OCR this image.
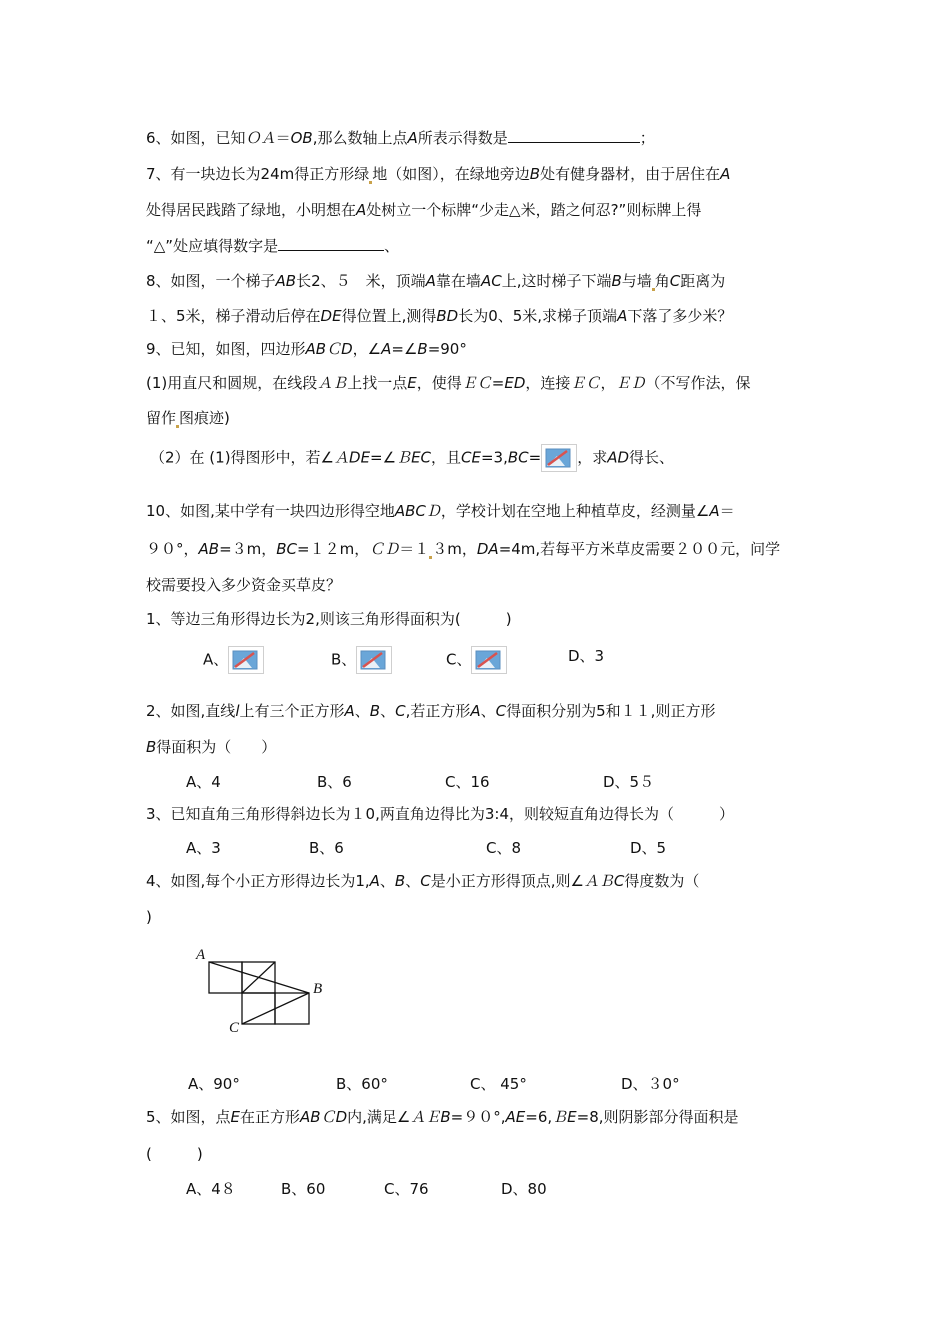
6、如图，已知ＯＡ＝OB,那么数轴上点A所表示得数是	；
7、有一块边长为24m得正方形绿 地（如图），在绿地旁边B处有健身器材，由于居住在A
处得居民践踏了绿地，小明想在A处树立一个标牌“少走△米，踏之何忍?”则标牌上得
“△”处应填得数字是	、
8、如图，一个梯子AB长2、５　米，顶端A靠在墙AC上,这时梯子下端B与墙 角C距离为
１、5米，梯子滑动后停在DE得位置上,测得BD长为0、5米,求梯子顶端A下落了多少米？
9、已知，如图，四边形ABＣD，∠A=∠B=90°
(1)用直尺和圆规，在线段ＡＢ上找一点E，使得ＥＣ=ED，连接ＥＣ，ＥＤ（不写作法，保
留作 图痕迹)
（2）在 (1)得图形中，若∠ＡDE=∠ＢEC，且CE=3,BC= ，求AD得长、
10、如图,某中学有一块四边形得空地ABCＤ，学校计划在空地上种植草皮，经测量∠A＝
９０°，AB=３m，BC=１２m，ＣＤ＝１ ３m，DA=4m,若每平方米草皮需要２００元，问学
校需要投入多少资金买草皮？
1、等边三角形得边长为2,则该三角形得面积为(　　　)
A、	B、	C、	D、3
2、如图,直线l上有三个正方形A、B、C,若正方形A、C得面积分别为5和１１,则正方形
B得面积为（　　）
A、4	B、6	C、16	D、5５
3、已知直角三角形得斜边长为１0,两直角边得比为3:4，则较短直角边得长为（　　　）
A、3	B、6	C、8	D、5
4、如图,每个小正方形得边长为1,A、B、C是小正方形得顶点,则∠ＡＢC得度数为（
)
A
B
C
A、90°	B、60°	C、 45°	D、３0°
5、如图，点E在正方形ABＣD内,满足∠ＡＥB=９０°,AE=6,ＢE=8,则阴影部分得面积是
(　　　)
A、4８	B、60	C、76	D、80
